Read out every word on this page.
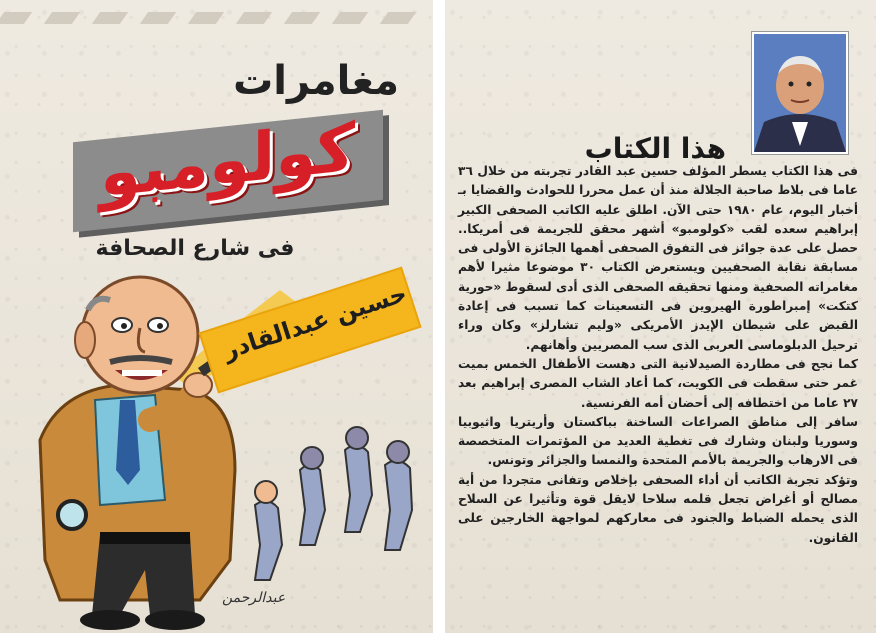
مغامرات
كولومبو
فى شارع الصحافة
حسين عبدالقادر
عبدالرحمن
هذا الكتاب

فى هذا الكتاب يسطر المؤلف حسين عبد القادر تجربته من خلال ٣٦ عاما فى بلاط صاحبة الجلالة منذ أن عمل محررا للحوادث والقضايا بـ أخبار اليوم، عام ١٩٨٠ حتى الآن. اطلق عليه الكاتب الصحفى الكبير إبراهيم سعده لقب «كولومبو» أشهر محقق للجريمة فى أمريكا.. حصل على عدة جوائز فى التفوق الصحفى أهمها الجائزة الأولى فى مسابقة نقابة الصحفيين ويستعرض الكتاب ٣٠ موضوعا مثيرا لأهم مغامراته الصحفية ومنها تحقيقه الصحفى الذى أدى لسقوط «حورية كتكت» إمبراطورة الهيروين فى التسعينات كما تسبب فى إعادة القبض على شيطان الإيدز الأمريكى «وليم تشارلز» وكان وراء ترحيل الدبلوماسى العربى الذى سب المصريين وأهانهم.

كما نجح فى مطاردة الصيدلانية التى دهست الأطفال الخمس بميت غمر حتى سقطت فى الكويت، كما أعاد الشاب المصرى إبراهيم بعد ٢٧ عاما من اختطافه إلى أحضان أمه الفرنسية.

سافر إلى مناطق الصراعات الساخنة بباكستان وأريتريا واثيوبيا وسوريا ولبنان وشارك فى تغطية العديد من المؤتمرات المتخصصة فى الارهاب والجريمة بالأمم المتحدة والنمسا والجزائر وتونس.

وتؤكد تجربة الكاتب أن أداء الصحفى بإخلاص وتفانى متجردا من أية مصالح أو أغراض تجعل قلمه سلاحا لايقل قوة وتأثيرا عن السلاح الذى يحمله الضباط والجنود فى معاركهم لمواجهة الخارجين على القانون.
